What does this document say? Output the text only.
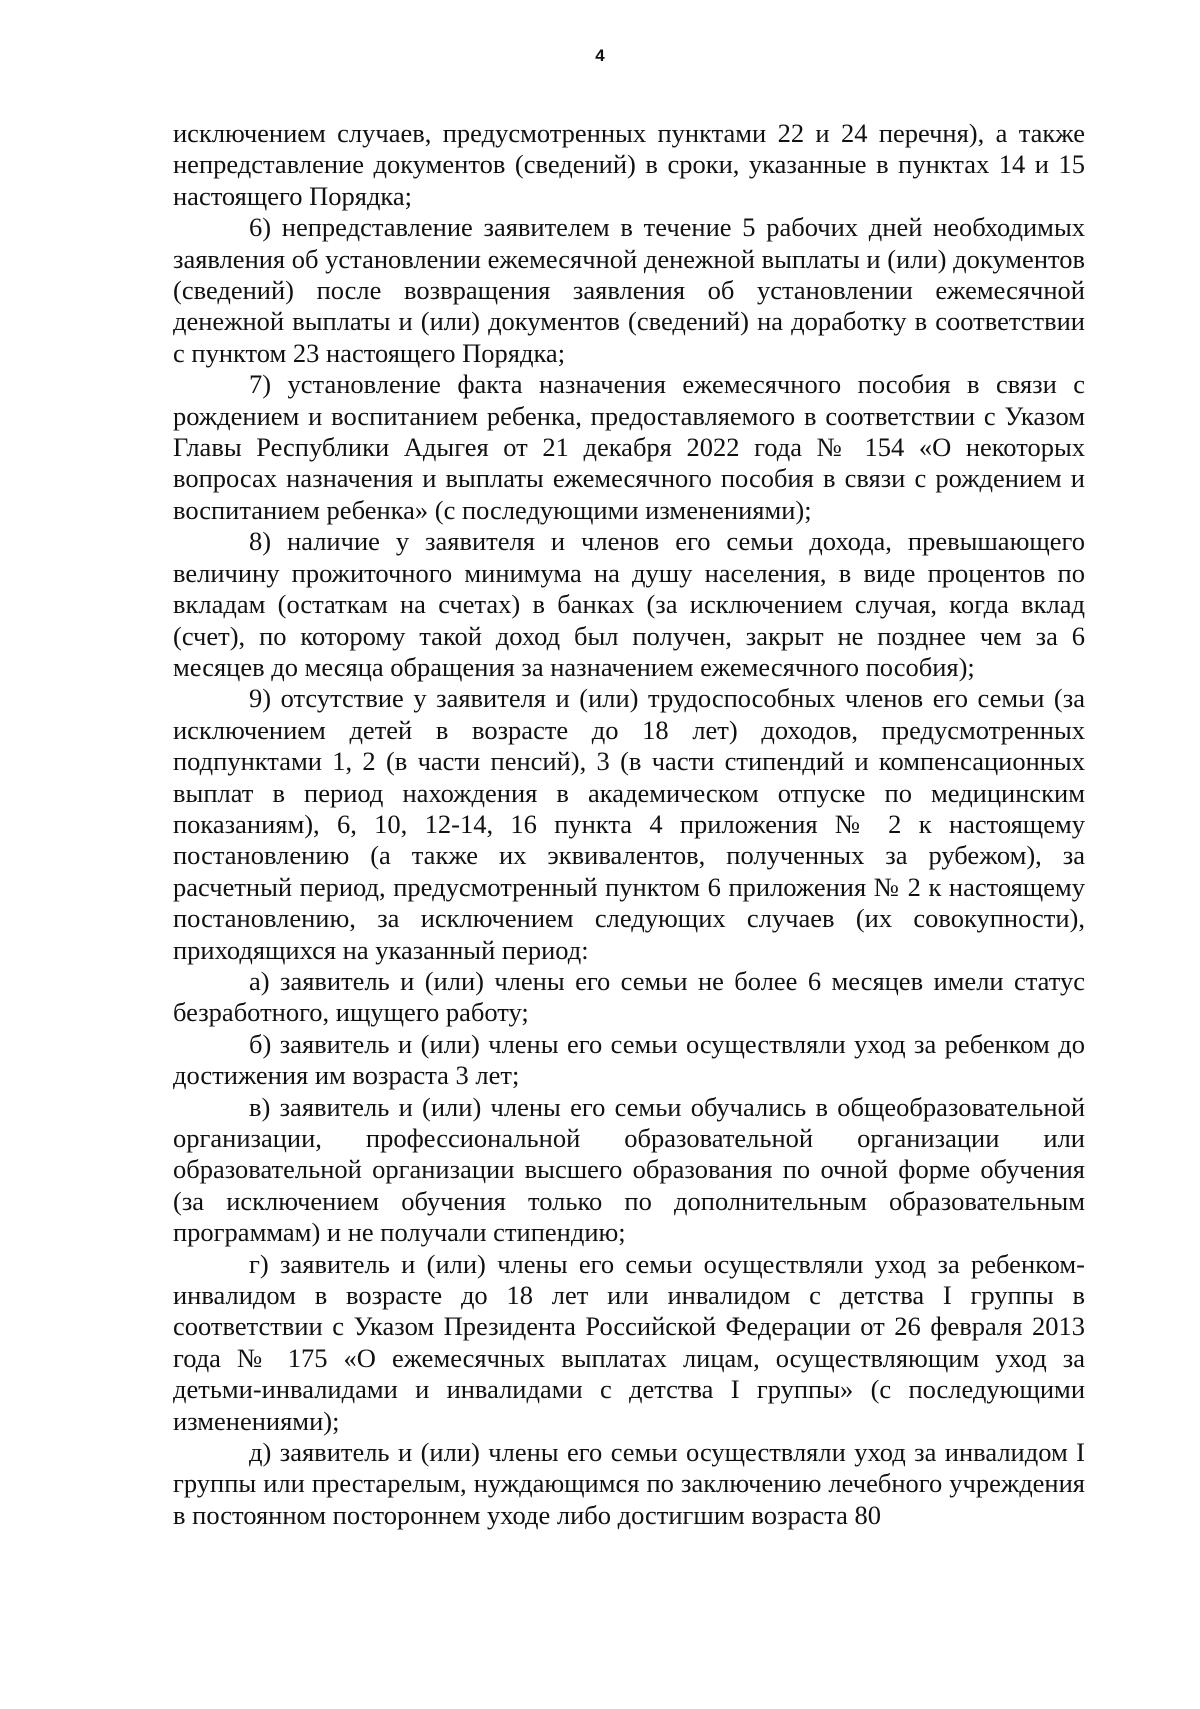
4

исключением случаев, предусмотренных пунктами 22 и 24 перечня), а также непредставление документов (сведений) в сроки, указанные в пунктах 14 и 15 настоящего Порядка;

6) непредставление заявителем в течение 5 рабочих дней необходимых заявления об установлении ежемесячной денежной выплаты и (или) документов (сведений) после возвращения заявления об установлении ежемесячной денежной выплаты и (или) документов (сведений) на доработку в соответствии с пунктом 23 настоящего Порядка;

7) установление факта назначения ежемесячного пособия в связи с рождением и воспитанием ребенка, предоставляемого в соответствии с Указом Главы Республики Адыгея от 21 декабря 2022 года № 154 «О некоторых вопросах назначения и выплаты ежемесячного пособия в связи с рождением и воспитанием ребенка» (с последующими изменениями);

8) наличие у заявителя и членов его семьи дохода, превышающего величину прожиточного минимума на душу населения, в виде процентов по вкладам (остаткам на счетах) в банках (за исключением случая, когда вклад (счет), по которому такой доход был получен, закрыт не позднее чем за 6 месяцев до месяца обращения за назначением ежемесячного пособия);

9) отсутствие у заявителя и (или) трудоспособных членов его семьи (за исключением детей в возрасте до 18 лет) доходов, предусмотренных подпунктами 1, 2 (в части пенсий), 3 (в части стипендий и компенсационных выплат в период нахождения в академическом отпуске по медицинским показаниям), 6, 10, 12-14, 16 пункта 4 приложения № 2 к настоящему постановлению (а также их эквивалентов, полученных за рубежом), за расчетный период, предусмотренный пунктом 6 приложения № 2 к настоящему постановлению, за исключением следующих случаев (их совокупности), приходящихся на указанный период:

а) заявитель и (или) члены его семьи не более 6 месяцев имели статус безработного, ищущего работу;

б) заявитель и (или) члены его семьи осуществляли уход за ребенком до достижения им возраста 3 лет;

в) заявитель и (или) члены его семьи обучались в общеобразовательной организации, профессиональной образовательной организации или образовательной организации высшего образования по очной форме обучения (за исключением обучения только по дополнительным образовательным программам) и не получали стипендию;

г) заявитель и (или) члены его семьи осуществляли уход за ребенком-инвалидом в возрасте до 18 лет или инвалидом с детства I группы в соответствии с Указом Президента Российской Федерации от 26 февраля 2013 года № 175 «О ежемесячных выплатах лицам, осуществляющим уход за детьми-инвалидами и инвалидами с детства I группы» (с последующими изменениями);

д) заявитель и (или) члены его семьи осуществляли уход за инвалидом I группы или престарелым, нуждающимся по заключению лечебного учреждения в постоянном постороннем уходе либо достигшим возраста 80
